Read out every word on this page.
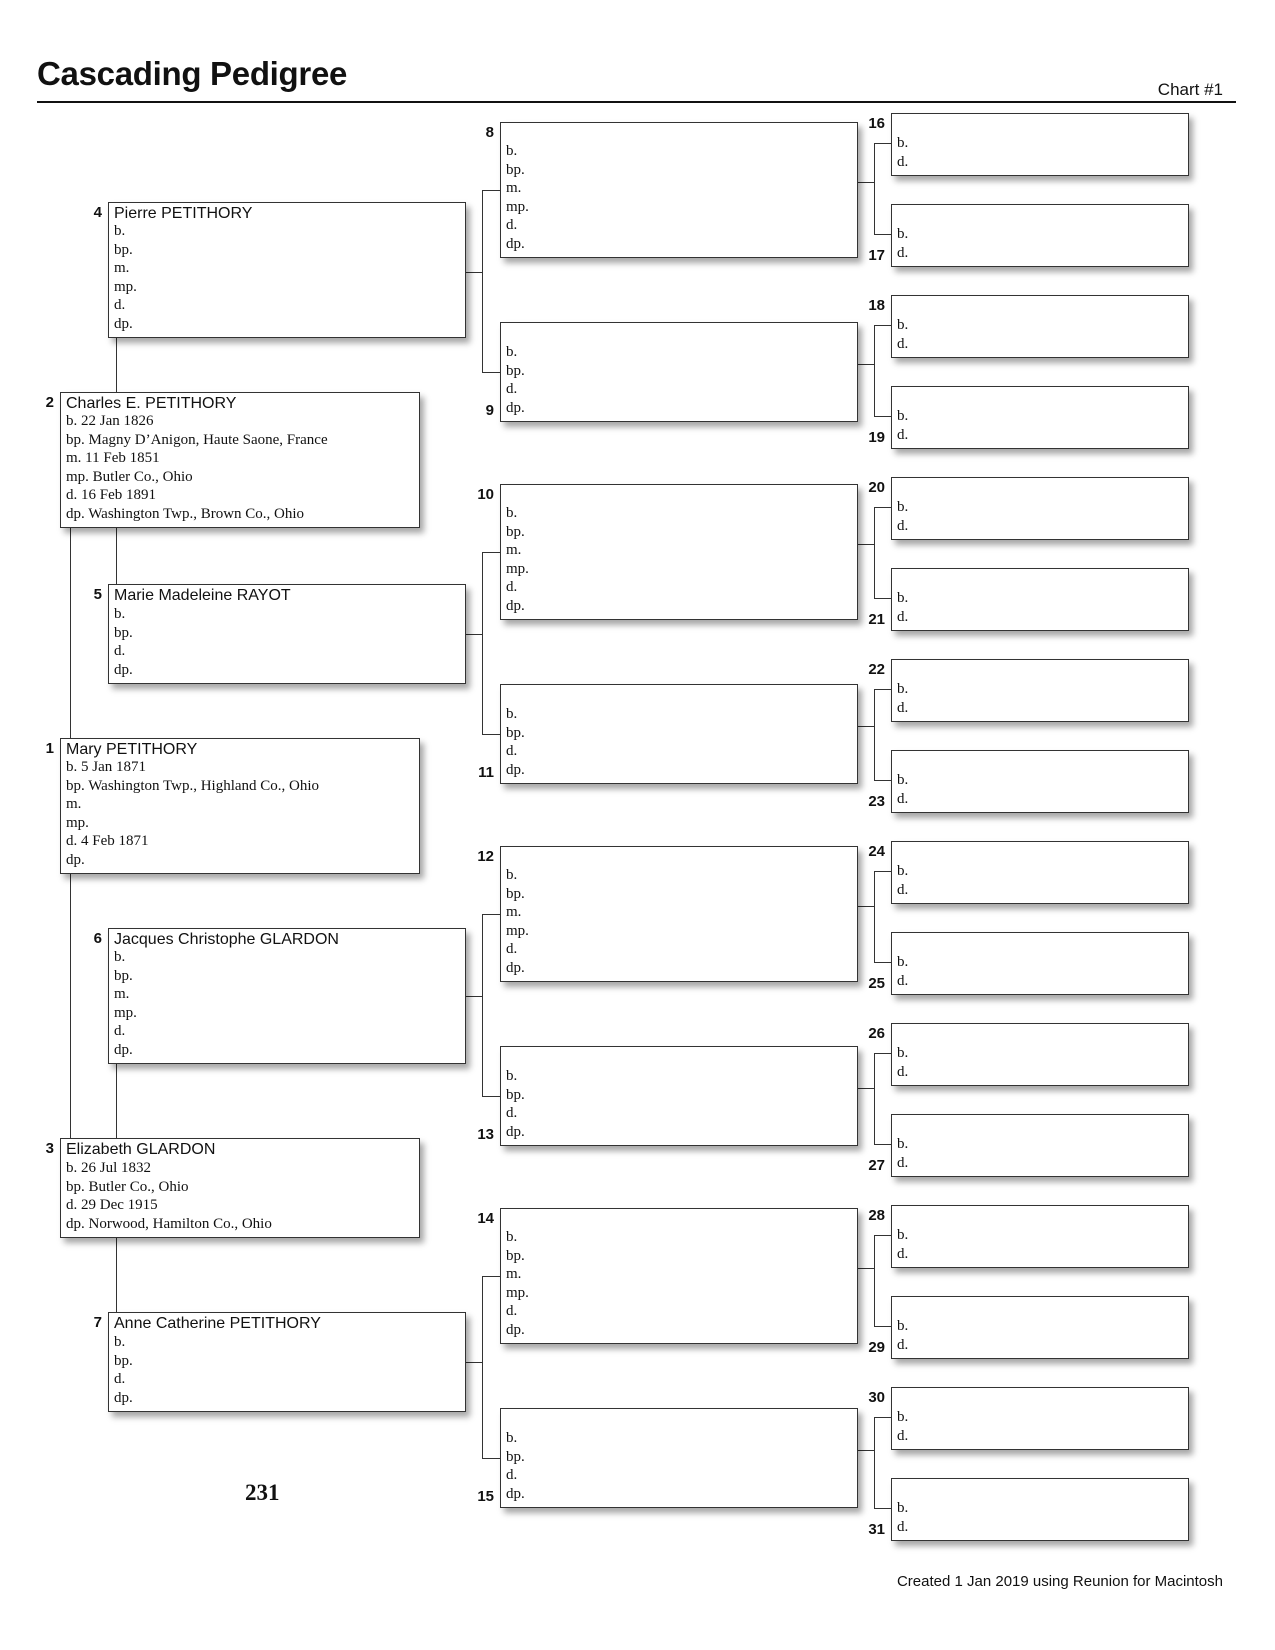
Cascading Pedigree	Chart #1
Mary PETITHORY
b. 5 Jan 1871
bp. Washington Twp., Highland Co., Ohio
m.
mp.
d. 4 Feb 1871
dp.
1
Charles E. PETITHORY
b. 22 Jan 1826
bp. Magny D’Anigon, Haute Saone, France
m. 11 Feb 1851
mp. Butler Co., Ohio
d. 16 Feb 1891
dp. Washington Twp., Brown Co., Ohio
2
Elizabeth GLARDON
b. 26 Jul 1832
bp. Butler Co., Ohio
d. 29 Dec 1915
dp. Norwood, Hamilton Co., Ohio
3
Pierre PETITHORY
b.
bp.
m.
mp.
d.
dp.
4
Marie Madeleine RAYOT
b.
bp.
d.
dp.
5
Jacques Christophe GLARDON
b.
bp.
m.
mp.
d.
dp.
6
Anne Catherine PETITHORY
b.
bp.
d.
dp.
7
b.
bp.
m.
mp.
d.
dp.
8
b.
bp.
d.
dp.
9
b.
bp.
m.
mp.
d.
dp.
10
b.
bp.
d.
dp.
11
b.
bp.
m.
mp.
d.
dp.
12
b.
bp.
d.
dp.
13
b.
bp.
m.
mp.
d.
dp.
14
b.
bp.
d.
dp.
15
b.
d.
16
b.
d.
17
b.
d.
18
b.
d.
19
b.
d.
20
b.
d.
21
b.
d.
22
b.
d.
23
b.
d.
24
b.
d.
25
b.
d.
26
b.
d.
27
b.
d.
28
b.
d.
29
b.
d.
30
b.
d.
31
231
Created 1 Jan 2019 using Reunion for Macintosh
